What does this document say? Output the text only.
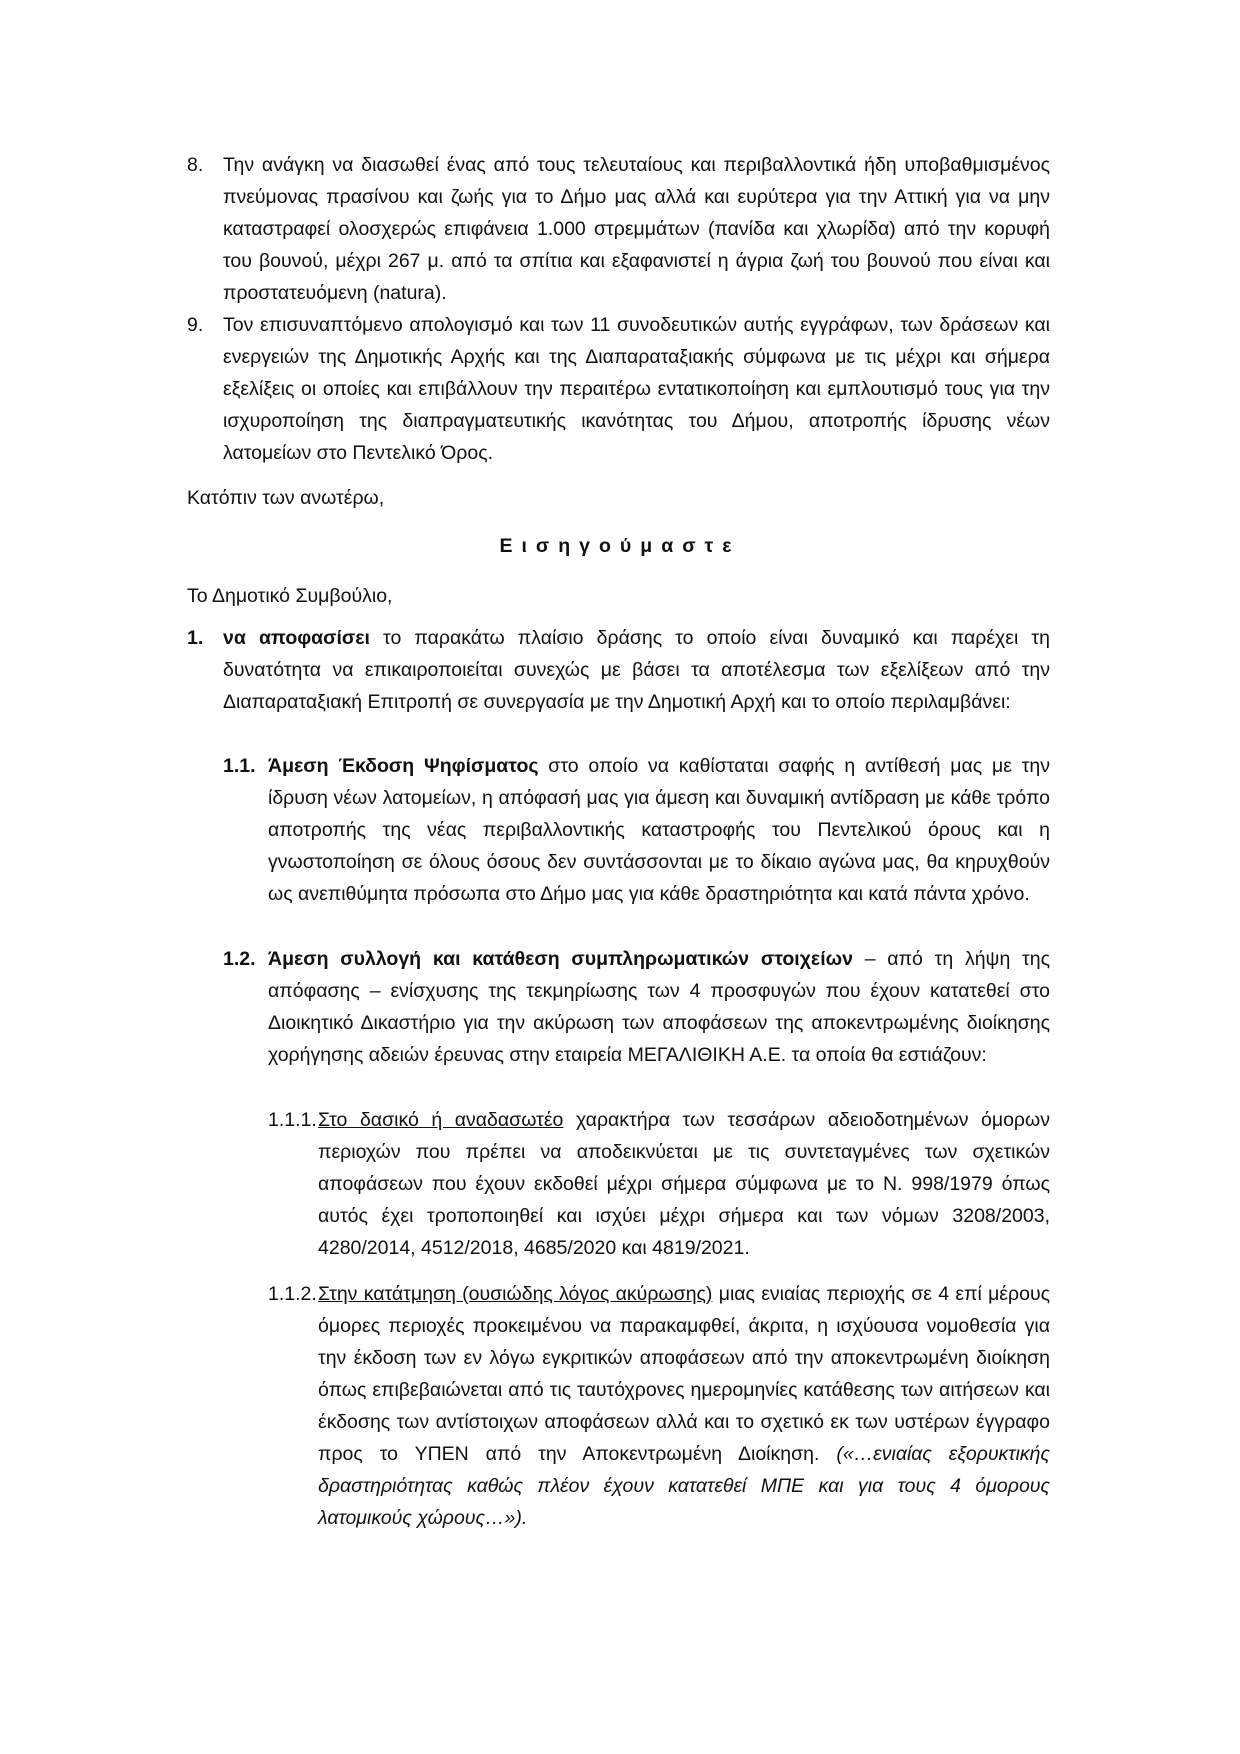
8. Την ανάγκη να διασωθεί ένας από τους τελευταίους και περιβαλλοντικά ήδη υποβαθμισμένος πνεύμονας πρασίνου και ζωής για το Δήμο μας αλλά και ευρύτερα για την Αττική για να μην καταστραφεί ολοσχερώς επιφάνεια 1.000 στρεμμάτων (πανίδα και χλωρίδα) από την κορυφή του βουνού, μέχρι 267 μ. από τα σπίτια και εξαφανιστεί η άγρια ζωή του βουνού που είναι και προστατευόμενη (natura).
9. Τον επισυναπτόμενο απολογισμό και των 11 συνοδευτικών αυτής εγγράφων, των δράσεων και ενεργειών της Δημοτικής Αρχής και της Διαπαραταξιακής σύμφωνα με τις μέχρι και σήμερα εξελίξεις οι οποίες και επιβάλλουν την περαιτέρω εντατικοποίηση και εμπλουτισμό τους για την ισχυροποίηση της διαπραγματευτικής ικανότητας του Δήμου, αποτροπής ίδρυσης νέων λατομείων στο Πεντελικό Όρος.
Κατόπιν των ανωτέρω,
Εισηγούμαστε
Το Δημοτικό Συμβούλιο,
1. να αποφασίσει το παρακάτω πλαίσιο δράσης το οποίο είναι δυναμικό και παρέχει τη δυνατότητα να επικαιροποιείται συνεχώς με βάσει τα αποτέλεσμα των εξελίξεων από την Διαπαραταξιακή Επιτροπή σε συνεργασία με την Δημοτική Αρχή και το οποίο περιλαμβάνει:
1.1. Άμεση Έκδοση Ψηφίσματος στο οποίο να καθίσταται σαφής η αντίθεσή μας με την ίδρυση νέων λατομείων, η απόφασή μας για άμεση και δυναμική αντίδραση με κάθε τρόπο αποτροπής της νέας περιβαλλοντικής καταστροφής του Πεντελικού όρους και η γνωστοποίηση σε όλους όσους δεν συντάσσονται με το δίκαιο αγώνα μας, θα κηρυχθούν ως ανεπιθύμητα πρόσωπα στο Δήμο μας για κάθε δραστηριότητα και κατά πάντα χρόνο.
1.2. Άμεση συλλογή και κατάθεση συμπληρωματικών στοιχείων – από τη λήψη της απόφασης – ενίσχυσης της τεκμηρίωσης των 4 προσφυγών που έχουν κατατεθεί στο Διοικητικό Δικαστήριο για την ακύρωση των αποφάσεων της αποκεντρωμένης διοίκησης χορήγησης αδειών έρευνας στην εταιρεία ΜΕΓΑΛΙΘΙΚΗ Α.Ε. τα οποία θα εστιάζουν:
1.1.1. Στο δασικό ή αναδασωτέο χαρακτήρα των τεσσάρων αδειοδοτημένων όμορων περιοχών που πρέπει να αποδεικνύεται με τις συντεταγμένες των σχετικών αποφάσεων που έχουν εκδοθεί μέχρι σήμερα σύμφωνα με το Ν. 998/1979 όπως αυτός έχει τροποποιηθεί και ισχύει μέχρι σήμερα και των νόμων 3208/2003, 4280/2014, 4512/2018, 4685/2020 και 4819/2021.
1.1.2. Στην κατάτμηση (ουσιώδης λόγος ακύρωσης) μιας ενιαίας περιοχής σε 4 επί μέρους όμορες περιοχές προκειμένου να παρακαμφθεί, άκριτα, η ισχύουσα νομοθεσία για την έκδοση των εν λόγω εγκριτικών αποφάσεων από την αποκεντρωμένη διοίκηση όπως επιβεβαιώνεται από τις ταυτόχρονες ημερομηνίες κατάθεσης των αιτήσεων και έκδοσης των αντίστοιχων αποφάσεων αλλά και το σχετικό εκ των υστέρων έγγραφο προς το ΥΠΕΝ από την Αποκεντρωμένη Διοίκηση. («…ενιαίας εξορυκτικής δραστηριότητας καθώς πλέον έχουν κατατεθεί ΜΠΕ και για τους 4 όμορους λατομικούς χώρους…»).
